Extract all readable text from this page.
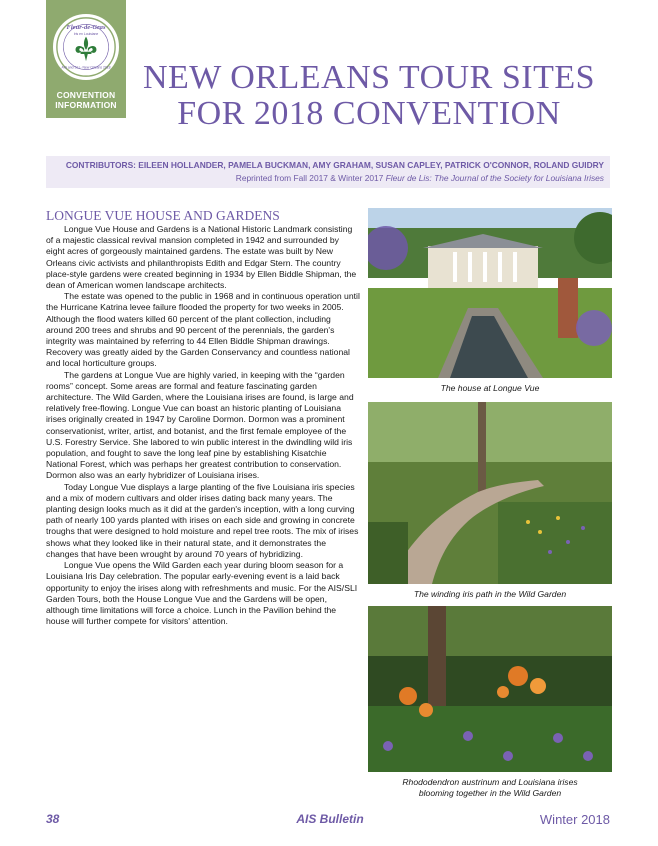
Fleur-de-Gras
Iris en Louisiane
AIS and SLI · New Orleans 2018
CONVENTION
INFORMATION
NEW ORLEANS TOUR SITES
FOR 2018 CONVENTION
CONTRIBUTORS: EILEEN HOLLANDER, PAMELA BUCKMAN, AMY GRAHAM, SUSAN CAPLEY, PATRICK O'CONNOR, ROLAND GUIDRY
Reprinted from Fall 2017 & Winter 2017 Fleur de Lis: The Journal of the Society for Louisiana Irises
LONGUE VUE HOUSE AND GARDENS

Longue Vue House and Gardens is a National Historic Landmark consisting of a majestic classical revival mansion completed in 1942 and surrounded by eight acres of gorgeously maintained gardens. The estate was built by New Orleans civic activists and philanthropists Edith and Edgar Stern. The country place-style gardens were created beginning in 1934 by Ellen Biddle Shipman, the dean of American women landscape architects.

The estate was opened to the public in 1968 and in continuous operation until the Hurricane Katrina levee failure flooded the property for two weeks in 2005. Although the flood waters killed 60 percent of the plant collection, including around 200 trees and shrubs and 90 percent of the perennials, the garden's integrity was maintained by referring to 44 Ellen Biddle Shipman drawings. Recovery was greatly aided by the Garden Conservancy and countless national and local horticulture groups.

The gardens at Longue Vue are highly varied, in keeping with the “garden rooms” concept. Some areas are formal and feature fascinating garden architecture. The Wild Garden, where the Louisiana irises are found, is large and relatively free-flowing. Longue Vue can boast an historic planting of Louisiana irises originally created in 1947 by Caroline Dormon. Dormon was a prominent conservationist, writer, artist, and botanist, and the first female employee of the U.S. Forestry Service. She labored to win public interest in the dwindling wild iris population, and fought to save the long leaf pine by establishing Kisatchie National Forest, which was perhaps her greatest contribution to conservation. Dormon also was an early hybridizer of Louisiana irises.

Today Longue Vue displays a large planting of the five Louisiana iris species and a mix of modern cultivars and older irises dating back many years. The planting design looks much as it did at the garden's inception, with a long curving path of nearly 100 yards planted with irises on each side and growing in concrete troughs that were designed to hold moisture and repel tree roots. The mix of irises shows what they looked like in their natural state, and it demonstrates the changes that have been wrought by around 70 years of hybridizing.

Longue Vue opens the Wild Garden each year during bloom season for a Louisiana Iris Day celebration. The popular early-evening event is a laid back opportunity to enjoy the irises along with refreshments and music. For the AIS/SLI Garden Tours, both the House Longue Vue and the Gardens will be open, although time limitations will force a choice. Lunch in the Pavilion behind the house will further compete for visitors' attention.

The house at Longue Vue
The winding iris path in the Wild Garden
Rhododendron austrinum and Louisiana irises
blooming together in the Wild Garden
38	AIS Bulletin	Winter 2018
